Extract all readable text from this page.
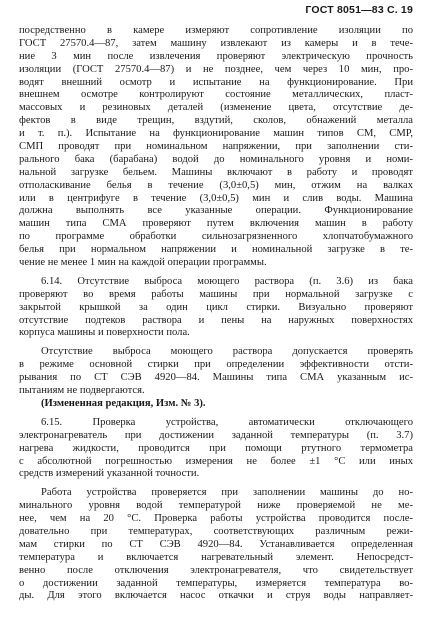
ГОСТ 8051—83 С. 19
посредственно в камере измеряют сопротивление изоляции по
ГОСТ 27570.4—87, затем машину извлекают из камеры и в тече-
ние 3 мин после извлечения проверяют электрическую прочность
изоляции (ГОСТ 27570.4—87) и не позднее, чем через 10 мин, про-
водят внешний осмотр и испытание на функционирование. При
внешнем осмотре контролируют состояние металлических, пласт-
массовых и резиновых деталей (изменение цвета, отсутствие де-
фектов в виде трещин, вздутий, сколов, обнажений металла
и т. п.). Испытание на функционирование машин типов СМ, СМР,
СМП проводят при номинальном напряжении, при заполнении сти-
рального бака (барабана) водой до номинального уровня и номи-
нальной загрузке бельем. Машины включают в работу и проводят
отполаскивание белья в течение (3,0±0,5) мин, отжим на валках
или в центрифуге в течение (3,0±0,5) мин и слив воды. Машина
должна выполнять все указанные операции. Функционирование
машин типа СМА проверяют путем включения машин в работу
по программе обработки сильнозагрязненного хлопчатобумажного
белья при нормальном напряжении и номинальной загрузке в те-
чение не менее 1 мин на каждой операции программы.
6.14. Отсутствие выброса моющего раствора (п. 3.6) из бака
проверяют во время работы машины при нормальной загрузке с
закрытой крышкой за один цикл стирки. Визуально проверяют
отсутствие подтеков раствора и пены на наружных поверхностях
корпуса машины и поверхности пола.
Отсутствие выброса моющего раствора допускается проверять
в режиме основной стирки при определении эффективности отсти-
рывания по СТ СЭВ 4920—84. Машины типа СМА указанным ис-
пытаниям не подвергаются.
(Измененная редакция, Изм. № 3).
6.15. Проверка устройства, автоматически отключающего
электронагреватель при достижении заданной температуры (п. 3.7)
нагрева жидкости, проводится при помощи ртутного термометра
с абсолютной погрешностью измерения не более ±1 °С или иных
средств измерений указанной точности.
Работа устройства проверяется при заполнении машины до но-
минального уровня водой температурой ниже проверяемой не ме-
нее, чем на 20 °С. Проверка работы устройства проводится после-
довательно при температурах, соответствующих различным режи-
мам стирки по СТ СЭВ 4920—84. Устанавливается определенная
температура и включается нагревательный элемент. Непосредст-
венно после отключения электронагревателя, что свидетельствует
о достижении заданной температуры, измеряется температура во-
ды. Для этого включается насос откачки и струя воды направляет-
